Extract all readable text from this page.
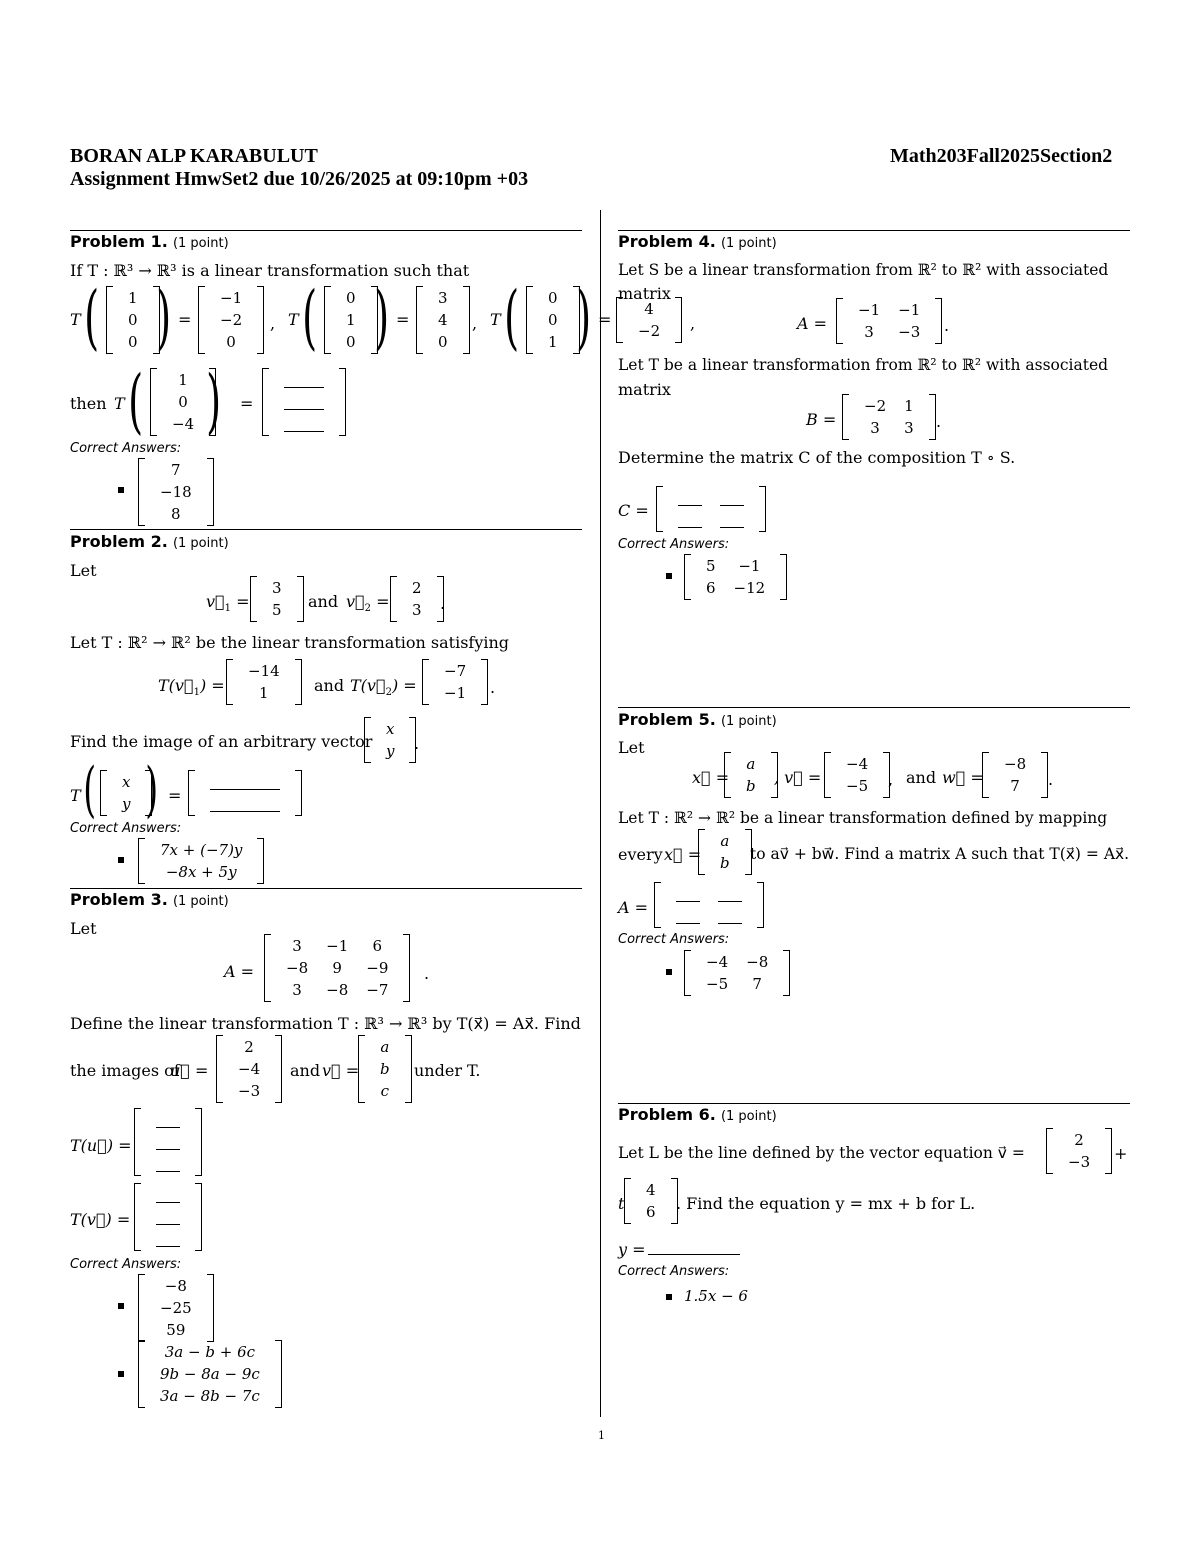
BORAN ALP KARABULUT	Math203Fall2025Section2
Assignment HmwSet2 due 10/26/2025 at 09:10pm +03
Problem 1. (1 point)
If T : ℝ³ → ℝ³ is a linear transformation such that
T ( 1
0
0 ) =
−1
−2
0
, T ( 0
1
0 ) =
3
4
0
, T ( 0
0
1 ) =
4
−2
then T ( 1
0
−4 ) =

Correct Answers:
7
−18
8
Problem 2. (1 point)
Let
$v⃗_1$ =
3
5 and $v⃗_2$ =
2
3 .
Let T : ℝ² → ℝ² be the linear transformation satisfying
$T(v⃗_1)$ =
−14
1	and $T(v⃗_2)$ =
−7
−1 .
Find the image of an arbitrary vector
x
y .
T ( x
y ) =

Correct Answers:
7x + (−7)y
−8x + 5y
Problem 3. (1 point)
Let
A =
3	−1	6
−8	9	−9
3	−8	−7
.
Define the linear transformation T : ℝ³ → ℝ³ by T(x⃗) = Ax⃗. Find
the images of
u⃗ =
2
−4
−3
and v⃗ =
a
b
c
under T.
T(u⃗) =

T(v⃗) =

Correct Answers:
−8
−25
59
3a − b + 6c
9b − 8a − 9c
3a − 8b − 7c
Problem 4. (1 point)
Let S be a linear transformation from ℝ² to ℝ² with associated
matrix
,	A =
−1	−1
3	−3 .
Let T be a linear transformation from ℝ² to ℝ² with associated
matrix
B =
−2	1
3	3 .
Determine the matrix C of the composition T ∘ S.
C =

Correct Answers:
5	−1
6	−12
Problem 5. (1 point)
Let
x⃗ =
a
b , v⃗ =
−4
−5 , and w⃗ =
−8
7 .
Let T : ℝ² → ℝ² be a linear transformation defined by mapping
every x⃗ =
a
b to av⃗ + bw⃗. Find a matrix A such that T(x⃗) = Ax⃗.
A =

Correct Answers:
−4	−8
−5	7
Problem 6. (1 point)
Let L be the line defined by the vector equation v⃗ =
2
−3 +
t
4
6 . Find the equation y = mx + b for L.
y =
Correct Answers:
1.5x − 6
1
